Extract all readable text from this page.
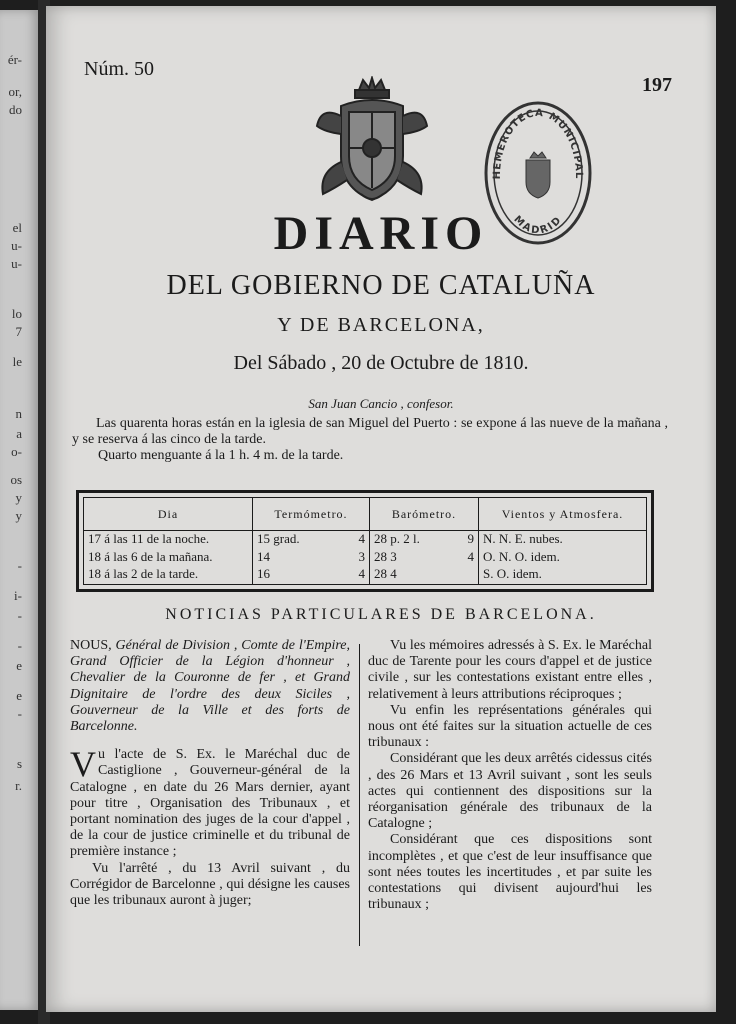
ér-
or,
do
el
u-
u-
lo
7
le
n
a
o-
os
y
y
-
i-
-
-
e
e
-
s
r.
Núm. 50
197
HEMEROTECA MUNICIPAL
MADRID
DIARIO
DEL GOBIERNO DE CATALUÑA
Y DE BARCELONA,
Del Sábado , 20 de Octubre de 1810.
San Juan Cancio , confesor.

Las quarenta horas están en la iglesia de san Miguel del Puerto : se expone á las nueve de la mañana , y se reserva á las cinco de la tarde.

Quarto menguante á la 1 h. 4 m. de la tarde.

Dia	Termómetro.	Barómetro.	Vientos y Atmosfera.
17 á las 11 de la noche.	15 grad. 4	28 p. 2 l. 9	N. N. E. nubes.
18 á las 6 de la mañana.	14 3	28 3 4	O. N. O. idem.
18 á las 2 de la tarde.	16 4	28 4	S. O. idem.
NOTICIAS PARTICULARES DE BARCELONA.

NOUS, Général de Division , Comte de l'Empire, Grand Officier de la Légion d'honneur , Chevalier de la Couronne de fer , et Grand Dignitaire de l'ordre des deux Siciles , Gouverneur de la Ville et des forts de Barcelonne.

Vu l'acte de S. Ex. le Maréchal duc de Castiglione , Gouverneur-général de la Catalogne , en date du 26 Mars dernier, ayant pour titre , Organisation des Tribunaux , et portant nomination des juges de la cour d'appel , de la cour de justice criminelle et du tribunal de première instance ;

Vu l'arrêté , du 13 Avril suivant , du Corrégidor de Barcelonne , qui désigne les causes que les tribunaux auront à juger;

Vu les mémoires adressés à S. Ex. le Maréchal duc de Tarente pour les cours d'appel et de justice civile , sur les contestations existant entre elles , relativement à leurs attributions réciproques ;

Vu enfin les représentations générales qui nous ont été faites sur la situation actuelle de ces tribunaux :

Considérant que les deux arrêtés cidessus cités , des 26 Mars et 13 Avril suivant , sont les seuls actes qui contiennent des dispositions sur la réorganisation générale des tribunaux de la Catalogne ;

Considérant que ces dispositions sont incomplètes , et que c'est de leur insuffisance que sont nées toutes les incertitudes , et par suite les contestations qui divisent aujourd'hui les tribunaux ;
